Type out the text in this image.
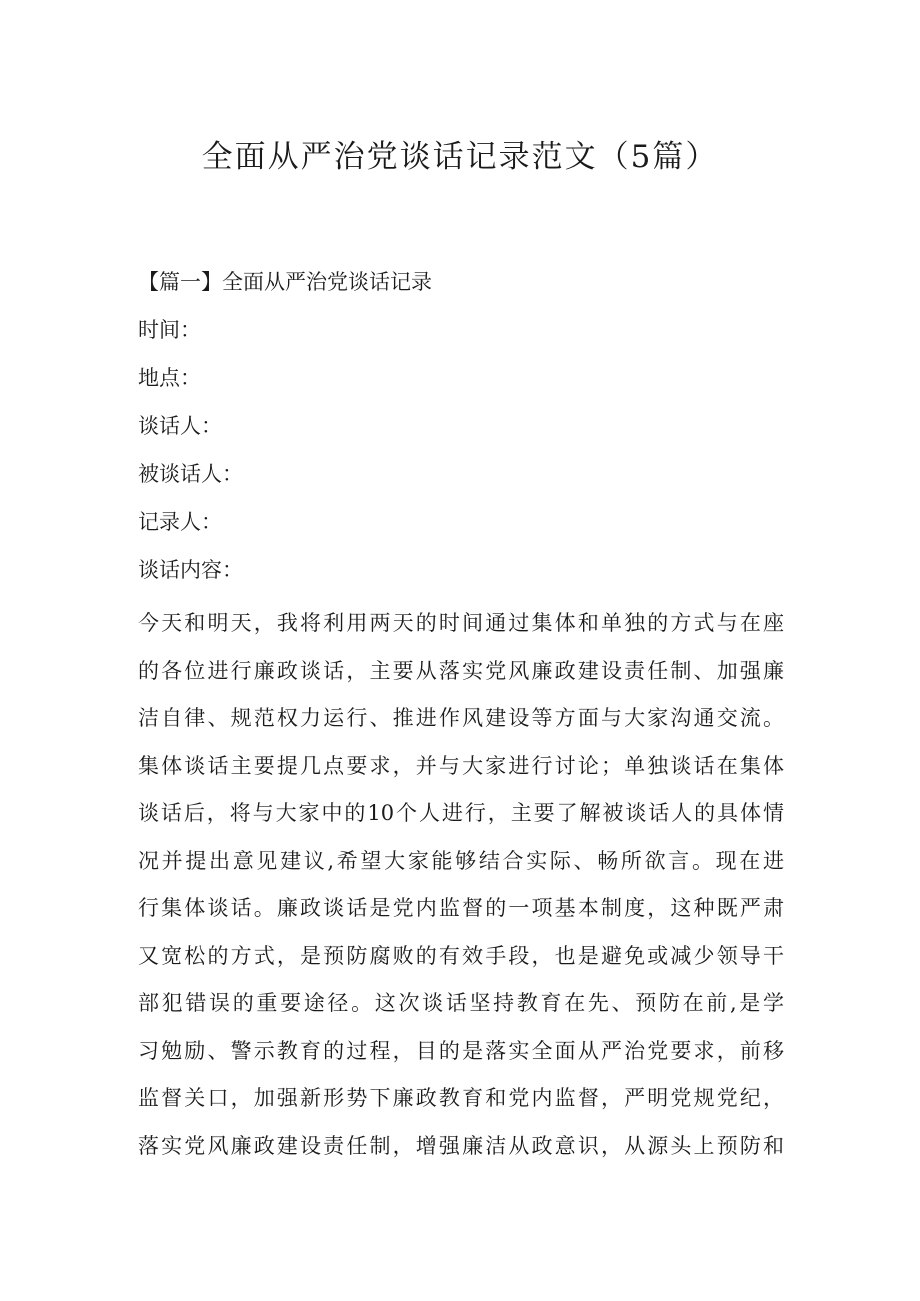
全面从严治党谈话记录范文（5篇）
【篇一】全面从严治党谈话记录

时间：

地点：

谈话人：

被谈话人：

记录人：

谈话内容：

今天和明天，我将利用两天的时间通过集体和单独的方式与在座
的各位进行廉政谈话，主要从落实党风廉政建设责任制、加强廉
洁自律、规范权力运行、推进作风建设等方面与大家沟通交流。
集体谈话主要提几点要求，并与大家进行讨论；单独谈话在集体
谈话后，将与大家中的10个人进行，主要了解被谈话人的具体情
况并提出意见建议,希望大家能够结合实际、畅所欲言。现在进
行集体谈话。廉政谈话是党内监督的一项基本制度，这种既严肃
又宽松的方式，是预防腐败的有效手段，也是避免或减少领导干
部犯错误的重要途径。这次谈话坚持教育在先、预防在前,是学
习勉励、警示教育的过程，目的是落实全面从严治党要求，前移
监督关口，加强新形势下廉政教育和党内监督，严明党规党纪，
落实党风廉政建设责任制，增强廉洁从政意识，从源头上预防和
